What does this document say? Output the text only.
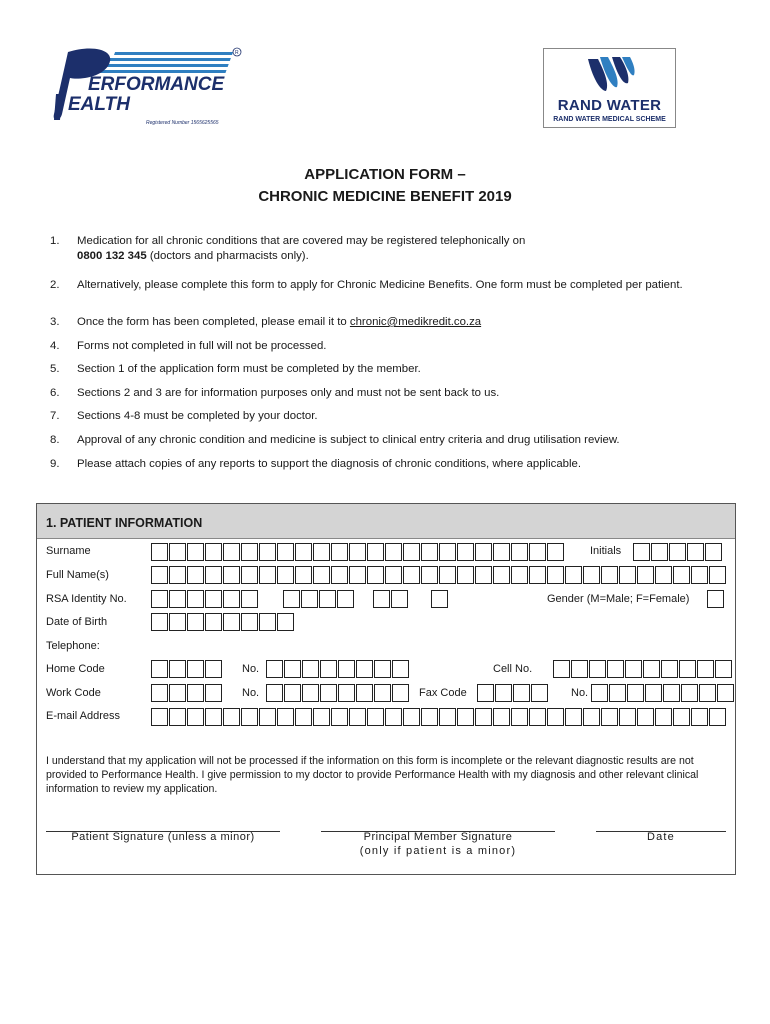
ERFORMANCE
EALTH
Registered Number 1565625565
R
RAND WATER
RAND WATER MEDICAL SCHEME
APPLICATION FORM –
CHRONIC MEDICINE BENEFIT 2019
1.	Medication for all chronic conditions that are covered may be registered telephonically on
0800 132 345 (doctors and pharmacists only).
2.	Alternatively, please complete this form to apply for Chronic Medicine Benefits. One form must be completed per patient.
3.	Once the form has been completed, please email it to chronic@medikredit.co.za
4.	Forms not completed in full will not be processed.
5.	Section 1 of the application form must be completed by the member.
6.	Sections 2 and 3 are for information purposes only and must not be sent back to us.
7.	Sections 4-8 must be completed by your doctor.
8.	Approval of any chronic condition and medicine is subject to clinical entry criteria and drug utilisation review.
9.	Please attach copies of any reports to support the diagnosis of chronic conditions, where applicable.
1. PATIENT INFORMATION
Surname	Initials
Full Name(s)
RSA Identity No.	Gender (M=Male; F=Female)
Date of Birth
Telephone:
Home Code	No.	Cell No.
Work Code	No.	Fax Code	No.
E-mail Address
I understand that my application will not be processed if the information on this form is incomplete or the relevant diagnostic results are not provided to Performance Health. I give permission to my doctor to provide Performance Health with my diagnosis and other relevant clinical information to review my application.
Patient Signature (unless a minor)	Principal Member Signature
(only if patient is a minor)
Date
